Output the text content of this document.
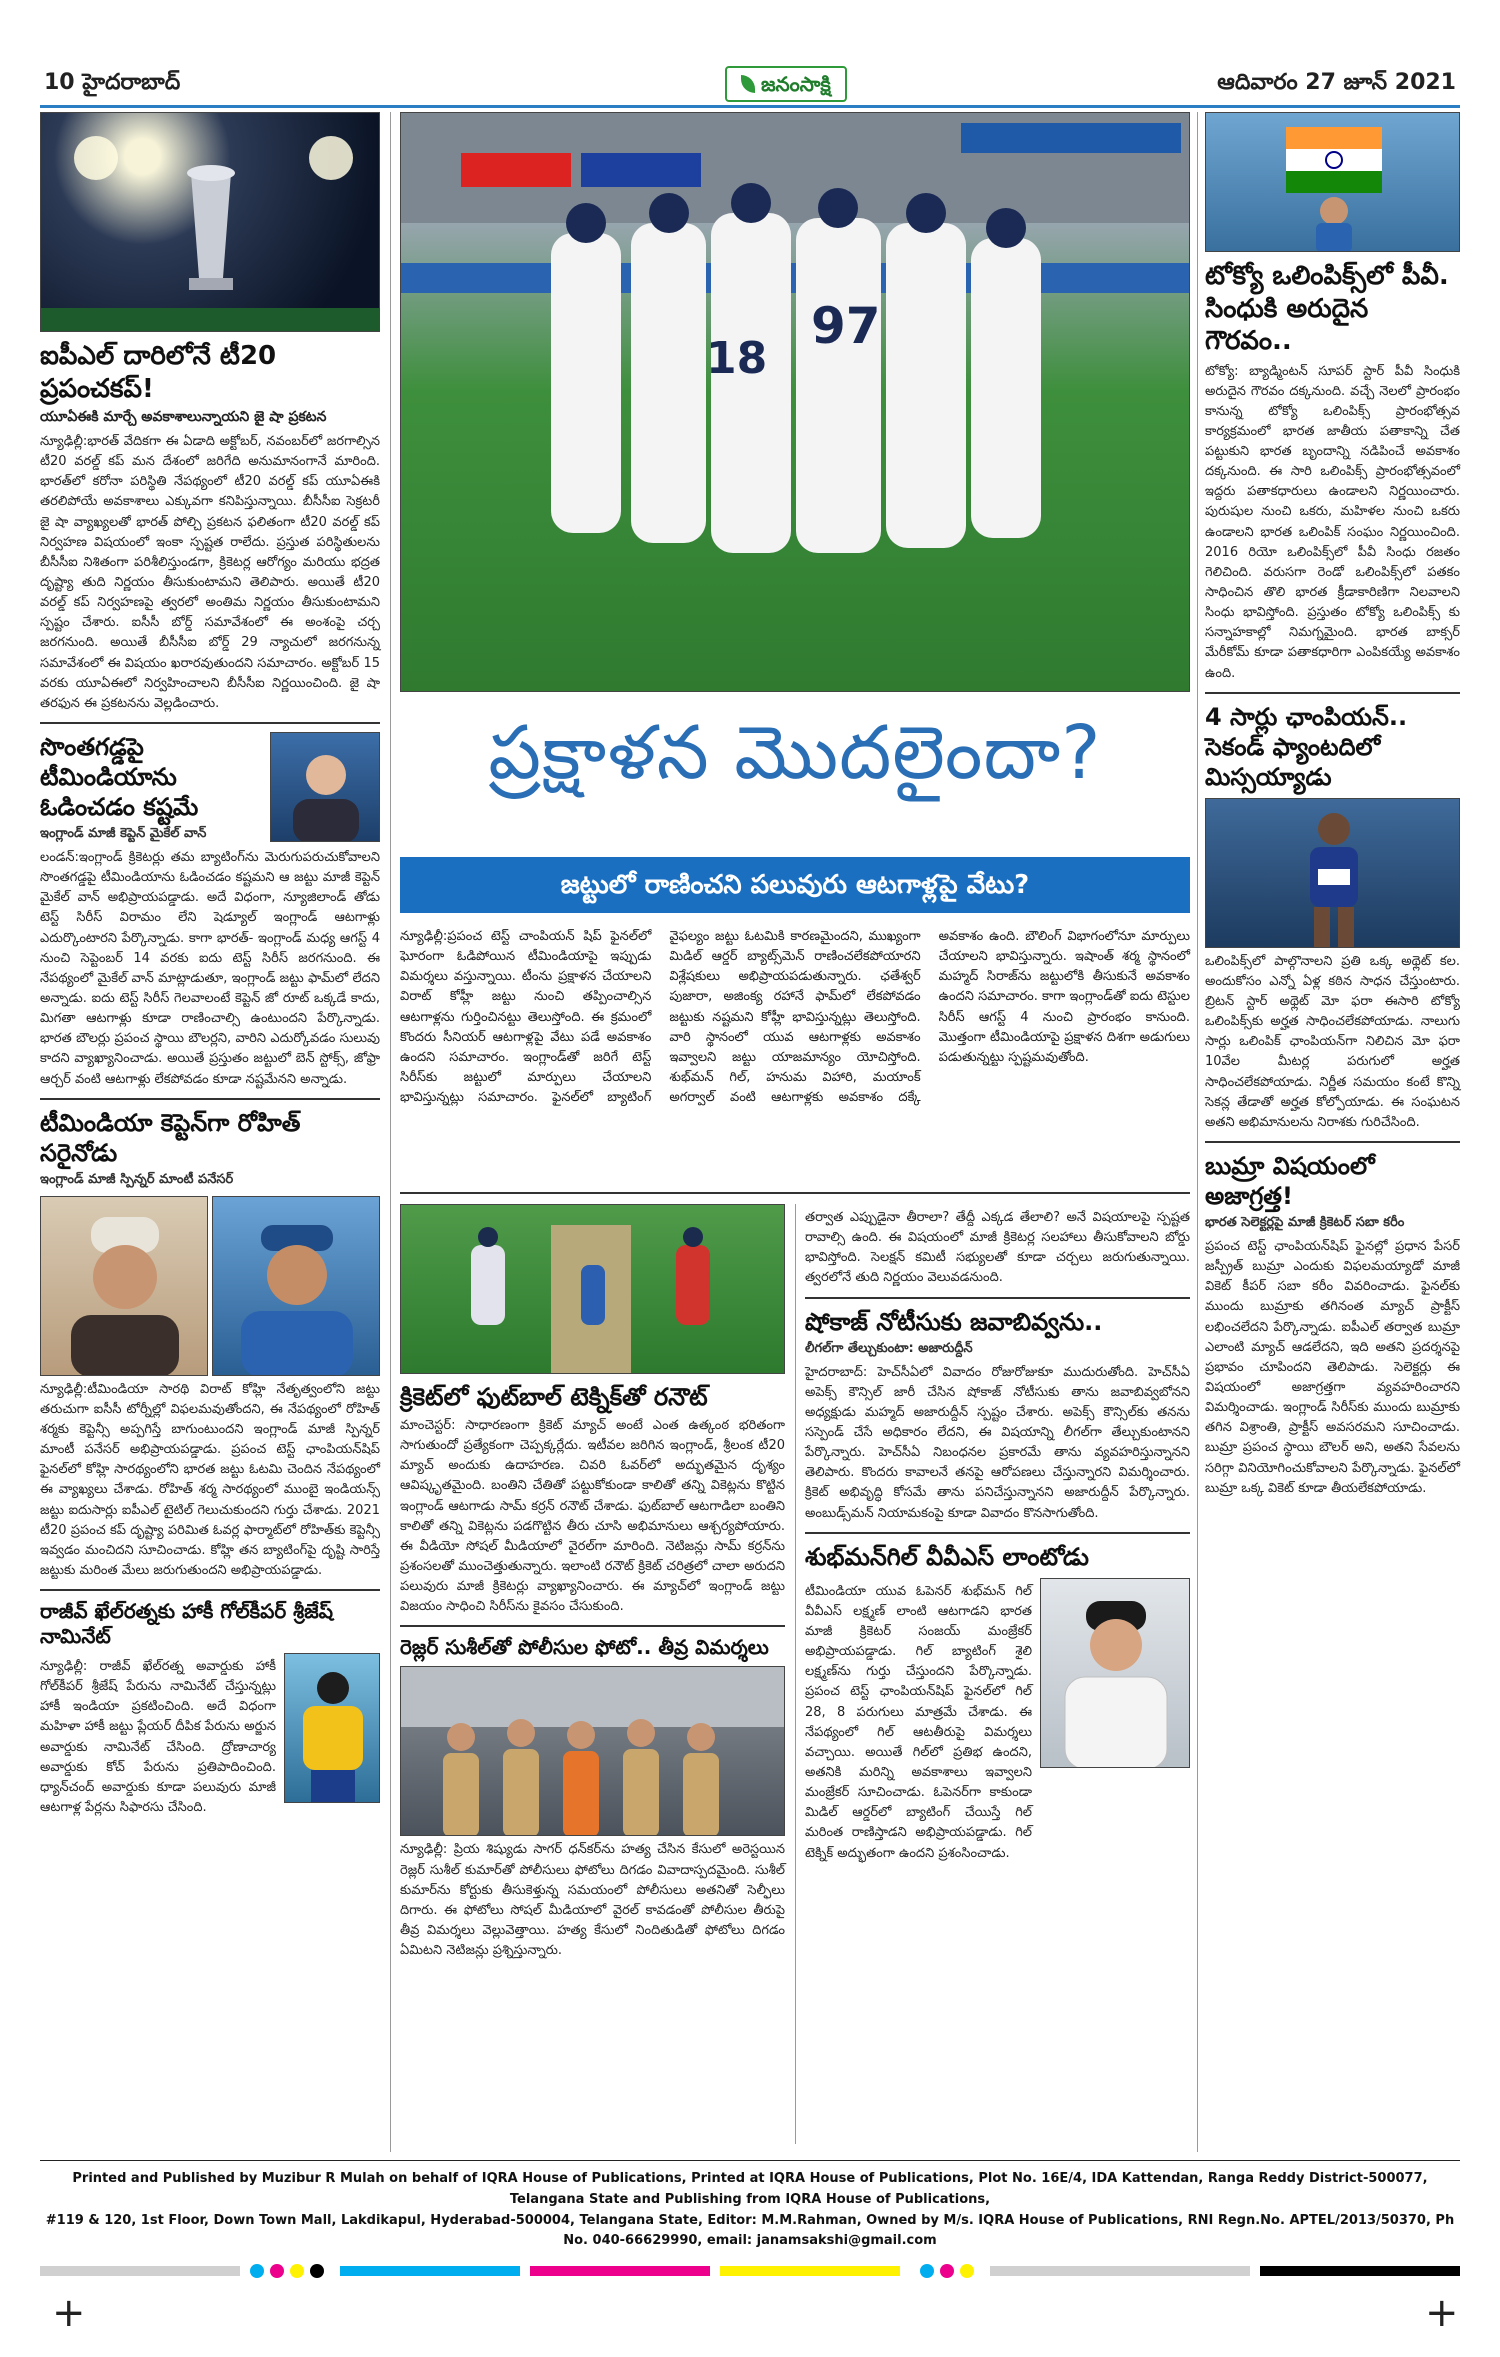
10 హైదరాబాద్	జనంసాక్షి	ఆదివారం 27 జూన్ 2021
ఐపీఎల్ దారిలోనే టీ20 ప్రపంచకప్!
యూఏఈకి మార్చే అవకాశాలున్నాయని జై షా ప్రకటన
న్యూఢిల్లీ:భారత్ వేదికగా ఈ ఏడాది అక్టోబర్, నవంబర్‌లో జరగాల్సిన టీ20 వరల్డ్ కప్ మన దేశంలో జరిగేది అనుమానంగానే మారింది. భారత్‌లో కరోనా పరిస్థితి నేపథ్యంలో టీ20 వరల్డ్ కప్ యూఏఈకి తరలిపోయే అవకాశాలు ఎక్కువగా కనిపిస్తున్నాయి. బీసీసీఐ సెక్రటరీ జై షా వ్యాఖ్యలతో భారత్ పోల్చి ప్రకటన ఫలితంగా టీ20 వరల్డ్ కప్ నిర్వహణ విషయంలో ఇంకా స్పష్టత రాలేదు. ప్రస్తుత పరిస్థితులను బీసీసీఐ నిశితంగా పరిశీలిస్తుండగా, క్రికెటర్ల ఆరోగ్యం మరియు భద్రత దృష్ట్యా తుది నిర్ణయం తీసుకుంటామని తెలిపారు. అయితే టీ20 వరల్డ్ కప్ నిర్వహణపై త్వరలో అంతిమ నిర్ణయం తీసుకుంటామని స్పష్టం చేశారు. ఐసీసీ బోర్డ్ సమావేశంలో ఈ అంశంపై చర్చ జరగనుంది. అయితే బీసీసీఐ బోర్డ్ 29 న్యాచులో జరగనున్న సమావేశంలో ఈ విషయం ఖరారవుతుందని సమాచారం. అక్టోబర్ 15 వరకు యూఏఈలో నిర్వహించాలని బీసీసీఐ నిర్ణయించింది. జై షా తరఫున ఈ ప్రకటనను వెల్లడించారు.
సొంతగడ్డపై టీమిండియాను ఓడించడం కష్టమే
ఇంగ్లాండ్ మాజీ కెప్టెన్ మైకేల్ వాన్
లండన్:ఇంగ్లాండ్ క్రికెటర్లు తమ బ్యాటింగ్‌ను మెరుగుపరుచుకోవాలని సొంతగడ్డపై టీమిండియాను ఓడించడం కష్టమని ఆ జట్టు మాజీ కెప్టెన్ మైకేల్ వాన్ అభిప్రాయపడ్డాడు. అదే విధంగా, న్యూజిలాండ్ తోడు టెస్ట్ సిరీస్ విరామం లేని షెడ్యూల్ ఇంగ్లాండ్ ఆటగాళ్లు ఎదుర్కొంటారని పేర్కొన్నాడు. కాగా భారత్- ఇంగ్లాండ్ మధ్య ఆగస్ట్ 4 నుంచి సెప్టెంబర్ 14 వరకు ఐదు టెస్ట్ సిరీస్ జరగనుంది. ఈ నేపథ్యంలో మైకేల్ వాన్ మాట్లాడుతూ, ఇంగ్లాండ్ జట్టు ఫామ్‌లో లేదని అన్నాడు. ఐదు టెస్ట్ సిరీస్ గెలవాలంటే కెప్టెన్ జో రూట్ ఒక్కడే కాదు, మిగతా ఆటగాళ్లు కూడా రాణించాల్సి ఉంటుందని పేర్కొన్నాడు. భారత బౌలర్లు ప్రపంచ స్థాయి బౌలర్లని, వారిని ఎదుర్కోవడం సులువు కాదని వ్యాఖ్యానించాడు. అయితే ప్రస్తుతం జట్టులో బెన్ స్టోక్స్, జోఫ్రా ఆర్చర్ వంటి ఆటగాళ్లు లేకపోవడం కూడా నష్టమేనని అన్నాడు.
టీమిండియా కెప్టెన్‌గా రోహిత్ సరైనోడు
ఇంగ్లాండ్ మాజీ స్పిన్నర్ మాంటీ పనేసర్
న్యూఢిల్లీ:టీమిండియా సారథి విరాట్ కోహ్లి నేతృత్వంలోని జట్టు తరుచుగా ఐసీసీ టోర్నీల్లో విఫలమవుతోందని, ఈ నేపథ్యంలో రోహిత్ శర్మకు కెప్టెన్సీ అప్పగిస్తే బాగుంటుందని ఇంగ్లాండ్ మాజీ స్పిన్నర్ మాంటీ పనేసర్ అభిప్రాయపడ్డాడు. ప్రపంచ టెస్ట్ ఛాంపియన్‌షిప్ ఫైనల్‌లో కోహ్లి సారథ్యంలోని భారత జట్టు ఓటమి చెందిన నేపథ్యంలో ఈ వ్యాఖ్యలు చేశాడు. రోహిత్ శర్మ సారథ్యంలో ముంబై ఇండియన్స్ జట్టు ఐదుసార్లు ఐపీఎల్ టైటిల్ గెలుచుకుందని గుర్తు చేశాడు. 2021 టీ20 ప్రపంచ కప్ దృష్ట్యా పరిమిత ఓవర్ల ఫార్మాట్‌లో రోహిత్‌కు కెప్టెన్సీ ఇవ్వడం మంచిదని సూచించాడు. కోహ్లి తన బ్యాటింగ్‌పై దృష్టి సారిస్తే జట్టుకు మరింత మేలు జరుగుతుందని అభిప్రాయపడ్డాడు.
రాజీవ్ ఖేల్‌రత్నకు హాకీ గోల్‌కీపర్ శ్రీజేష్ నామినేట్
న్యూఢిల్లీ: రాజీవ్ ఖేల్‌రత్న అవార్డుకు హాకీ గోల్‌కీపర్ శ్రీజేష్ పేరును నామినేట్ చేస్తున్నట్లు హాకీ ఇండియా ప్రకటించింది. అదే విధంగా మహిళా హాకీ జట్టు ప్లేయర్ దీపిక పేరును అర్జున అవార్డుకు నామినేట్ చేసింది. ద్రోణాచార్య అవార్డుకు కోచ్ పేరును ప్రతిపాదించింది. ధ్యాన్‌చంద్ అవార్డుకు కూడా పలువురు మాజీ ఆటగాళ్ల పేర్లను సిఫారసు చేసింది.
18
97
ప్రక్షాళన మొదలైందా?
జట్టులో రాణించని పలువురు ఆటగాళ్లపై వేటు?
న్యూఢిల్లీ:ప్రపంచ టెస్ట్ చాంపియన్ షిప్ ఫైనల్‌లో ఘోరంగా ఓడిపోయిన టీమిండియాపై ఇప్పుడు విమర్శలు వస్తున్నాయి. టీంను ప్రక్షాళన చేయాలని విరాట్ కోహ్లీ జట్టు నుంచి తప్పించాల్సిన ఆటగాళ్లను గుర్తించినట్టు తెలుస్తోంది. ఈ క్రమంలో కొందరు సీనియర్ ఆటగాళ్లపై వేటు పడే అవకాశం ఉందని సమాచారం. ఇంగ్లాండ్‌తో జరిగే టెస్ట్ సిరీస్‌కు జట్టులో మార్పులు చేయాలని భావిస్తున్నట్లు సమాచారం. ఫైనల్‌లో బ్యాటింగ్ వైఫల్యం జట్టు ఓటమికి కారణమైందని, ముఖ్యంగా మిడిల్ ఆర్డర్ బ్యాట్స్‌మెన్ రాణించలేకపోయారని విశ్లేషకులు అభిప్రాయపడుతున్నారు. ఛతేశ్వర్ పుజారా, అజింక్య రహానే ఫామ్‌లో లేకపోవడం జట్టుకు నష్టమని కోహ్లీ భావిస్తున్నట్లు తెలుస్తోంది. వారి స్థానంలో యువ ఆటగాళ్లకు అవకాశం ఇవ్వాలని జట్టు యాజమాన్యం యోచిస్తోంది. శుభ్‌మన్ గిల్, హనుమ విహారి, మయాంక్ అగర్వాల్ వంటి ఆటగాళ్లకు అవకాశం దక్కే అవకాశం ఉంది. బౌలింగ్ విభాగంలోనూ మార్పులు చేయాలని భావిస్తున్నారు. ఇషాంత్ శర్మ స్థానంలో మహ్మద్ సిరాజ్‌ను జట్టులోకి తీసుకునే అవకాశం ఉందని సమాచారం. కాగా ఇంగ్లాండ్‌తో ఐదు టెస్టుల సిరీస్ ఆగస్ట్ 4 నుంచి ప్రారంభం కానుంది. మొత్తంగా టీమిండియాపై ప్రక్షాళన దిశగా అడుగులు పడుతున్నట్టు స్పష్టమవుతోంది.
క్రికెట్‌లో ఫుట్‌బాల్ టెక్నిక్‌తో రనౌట్
మాంచెస్టర్: సాధారణంగా క్రికెట్ మ్యాచ్ అంటే ఎంత ఉత్కంఠ భరితంగా సాగుతుందో ప్రత్యేకంగా చెప్పక్కర్లేదు. ఇటీవల జరిగిన ఇంగ్లాండ్, శ్రీలంక టీ20 మ్యాచ్ అందుకు ఉదాహరణ. చివరి ఓవర్‌లో అద్భుతమైన దృశ్యం ఆవిష్కృతమైంది. బంతిని చేతితో పట్టుకోకుండా కాలితో తన్ని వికెట్లను కొట్టిన ఇంగ్లాండ్ ఆటగాడు సామ్ కర్రన్ రనౌట్ చేశాడు. ఫుట్‌బాల్ ఆటగాడిలా బంతిని కాలితో తన్ని వికెట్లను పడగొట్టిన తీరు చూసి అభిమానులు ఆశ్చర్యపోయారు. ఈ వీడియో సోషల్ మీడియాలో వైరల్‌గా మారింది. నెటిజన్లు సామ్ కర్రన్‌ను ప్రశంసలతో ముంచెత్తుతున్నారు. ఇలాంటి రనౌట్ క్రికెట్ చరిత్రలో చాలా అరుదని పలువురు మాజీ క్రికెటర్లు వ్యాఖ్యానించారు. ఈ మ్యాచ్‌లో ఇంగ్లాండ్ జట్టు విజయం సాధించి సిరీస్‌ను కైవసం చేసుకుంది.
రెజ్లర్ సుశీల్‌తో పోలీసుల ఫోటో.. తీవ్ర విమర్శలు
న్యూఢిల్లీ: ప్రియ శిష్యుడు సాగర్ ధన్‌కర్‌ను హత్య చేసిన కేసులో అరెస్టయిన రెజ్లర్ సుశీల్ కుమార్‌తో పోలీసులు ఫోటోలు దిగడం వివాదాస్పదమైంది. సుశీల్ కుమార్‌ను కోర్టుకు తీసుకెళ్తున్న సమయంలో పోలీసులు అతనితో సెల్ఫీలు దిగారు. ఈ ఫోటోలు సోషల్ మీడియాలో వైరల్ కావడంతో పోలీసుల తీరుపై తీవ్ర విమర్శలు వెల్లువెత్తాయి. హత్య కేసులో నిందితుడితో ఫోటోలు దిగడం ఏమిటని నెటిజన్లు ప్రశ్నిస్తున్నారు.
తర్వాత ఎప్పుడైనా తీరాలా? తేద్దీ ఎక్కడ తేలాలి? అనే విషయాలపై స్పష్టత రావాల్సి ఉంది. ఈ విషయంలో మాజీ క్రికెటర్ల సలహాలు తీసుకోవాలని బోర్డు భావిస్తోంది. సెలక్షన్ కమిటీ సభ్యులతో కూడా చర్చలు జరుగుతున్నాయి. త్వరలోనే తుది నిర్ణయం వెలువడనుంది.
షోకాజ్ నోటీసుకు జవాబివ్వను..
లీగల్‌గా తేల్చుకుంటా: అజారుద్దీన్
హైదరాబాద్: హెచ్‌సీఏలో వివాదం రోజురోజుకూ ముదురుతోంది. హెచ్‌సీఏ అపెక్స్ కౌన్సిల్ జారీ చేసిన షోకాజ్ నోటీసుకు తాను జవాబివ్వబోనని అధ్యక్షుడు మహ్మద్ అజారుద్దీన్ స్పష్టం చేశారు. అపెక్స్ కౌన్సిల్‌కు తనను సస్పెండ్ చేసే అధికారం లేదని, ఈ విషయాన్ని లీగల్‌గా తేల్చుకుంటానని పేర్కొన్నారు. హెచ్‌సీఏ నిబంధనల ప్రకారమే తాను వ్యవహరిస్తున్నానని తెలిపారు. కొందరు కావాలనే తనపై ఆరోపణలు చేస్తున్నారని విమర్శించారు. క్రికెట్ అభివృద్ధి కోసమే తాను పనిచేస్తున్నానని అజారుద్దీన్ పేర్కొన్నారు. అంబుడ్స్‌మన్ నియామకంపై కూడా వివాదం కొనసాగుతోంది.
శుభ్‌మన్‌గిల్ వీవీఎస్ లాంటోడు
టీమిండియా యువ ఓపెనర్ శుభ్‌మన్ గిల్ వీవీఎస్ లక్ష్మణ్ లాంటి ఆటగాడని భారత మాజీ క్రికెటర్ సంజయ్ మంజ్రేకర్ అభిప్రాయపడ్డాడు. గిల్ బ్యాటింగ్ శైలి లక్ష్మణ్‌ను గుర్తు చేస్తుందని పేర్కొన్నాడు. ప్రపంచ టెస్ట్ ఛాంపియన్‌షిప్ ఫైనల్‌లో గిల్ 28, 8 పరుగులు మాత్రమే చేశాడు. ఈ నేపథ్యంలో గిల్ ఆటతీరుపై విమర్శలు వచ్చాయి. అయితే గిల్‌లో ప్రతిభ ఉందని, అతనికి మరిన్ని అవకాశాలు ఇవ్వాలని మంజ్రేకర్ సూచించాడు. ఓపెనర్‌గా కాకుండా మిడిల్ ఆర్డర్‌లో బ్యాటింగ్ చేయిస్తే గిల్ మరింత రాణిస్తాడని అభిప్రాయపడ్డాడు. గిల్ టెక్నిక్ అద్భుతంగా ఉందని ప్రశంసించాడు.
టోక్యో ఒలింపిక్స్‌లో పీవీ. సింధుకి అరుదైన గౌరవం..
టోక్యో: బ్యాడ్మింటన్ సూపర్ స్టార్ పీవీ సింధుకి అరుదైన గౌరవం దక్కనుంది. వచ్చే నెలలో ప్రారంభం కానున్న టోక్యో ఒలింపిక్స్ ప్రారంభోత్సవ కార్యక్రమంలో భారత జాతీయ పతాకాన్ని చేత పట్టుకుని భారత బృందాన్ని నడిపించే అవకాశం దక్కనుంది. ఈ సారి ఒలింపిక్స్ ప్రారంభోత్సవంలో ఇద్దరు పతాకధారులు ఉండాలని నిర్ణయించారు. పురుషుల నుంచి ఒకరు, మహిళల నుంచి ఒకరు ఉండాలని భారత ఒలింపిక్ సంఘం నిర్ణయించింది. 2016 రియో ఒలింపిక్స్‌లో పీవీ సింధు రజతం గెలిచింది. వరుసగా రెండో ఒలింపిక్స్‌లో పతకం సాధించిన తొలి భారత క్రీడాకారిణిగా నిలవాలని సింధు భావిస్తోంది. ప్రస్తుతం టోక్యో ఒలింపిక్స్ కు సన్నాహకాల్లో నిమగ్నమైంది. భారత బాక్సర్ మేరీకోమ్ కూడా పతాకధారిగా ఎంపికయ్యే అవకాశం ఉంది.
4 సార్లు ఛాంపియన్.. సెకండ్ ఫ్యాంటదిలో మిస్సయ్యాడు
ఒలింపిక్స్‌లో పాల్గొనాలని ప్రతి ఒక్క అథ్లెట్ కల. అందుకోసం ఎన్నో ఏళ్ల కఠిన సాధన చేస్తుంటారు. బ్రిటన్ స్టార్ అథ్లెట్ మో ఫరా ఈసారి టోక్యో ఒలింపిక్స్‌కు అర్హత సాధించలేకపోయాడు. నాలుగు సార్లు ఒలింపిక్ ఛాంపియన్‌గా నిలిచిన మో ఫరా 10వేల మీటర్ల పరుగులో అర్హత సాధించలేకపోయాడు. నిర్ణీత సమయం కంటే కొన్ని సెకన్ల తేడాతో అర్హత కోల్పోయాడు. ఈ సంఘటన అతని అభిమానులను నిరాశకు గురిచేసింది.
బుమ్రా విషయంలో అజాగ్రత్త!
భారత సెలెక్టర్లపై మాజీ క్రికెటర్ సబా కరీం
ప్రపంచ టెస్ట్ ఛాంపియన్‌షిప్ ఫైనల్లో ప్రధాన పేసర్ జస్ప్రీత్ బుమ్రా ఎందుకు విఫలమయ్యాడో మాజీ వికెట్ కీపర్ సబా కరీం వివరించాడు. ఫైనల్‌కు ముందు బుమ్రాకు తగినంత మ్యాచ్ ప్రాక్టీస్ లభించలేదని పేర్కొన్నాడు. ఐపీఎల్ తర్వాత బుమ్రా ఎలాంటి మ్యాచ్ ఆడలేదని, ఇది అతని ప్రదర్శనపై ప్రభావం చూపిందని తెలిపాడు. సెలెక్టర్లు ఈ విషయంలో అజాగ్రత్తగా వ్యవహరించారని విమర్శించాడు. ఇంగ్లాండ్ సిరీస్‌కు ముందు బుమ్రాకు తగిన విశ్రాంతి, ప్రాక్టీస్ అవసరమని సూచించాడు. బుమ్రా ప్రపంచ స్థాయి బౌలర్ అని, అతని సేవలను సరిగ్గా వినియోగించుకోవాలని పేర్కొన్నాడు. ఫైనల్‌లో బుమ్రా ఒక్క వికెట్ కూడా తీయలేకపోయాడు.
Printed and Published by Muzibur R Mulah on behalf of IQRA House of Publications, Printed at IQRA House of Publications, Plot No. 16E/4, IDA Kattendan, Ranga Reddy District-500077, Telangana State and Publishing from IQRA House of Publications,
#119 & 120, 1st Floor, Down Town Mall, Lakdikapul, Hyderabad-500004, Telangana State, Editor: M.M.Rahman, Owned by M/s. IQRA House of Publications, RNI Regn.No. APTEL/2013/50370, Ph No. 040-66629990, email: janamsakshi@gmail.com
+	+
